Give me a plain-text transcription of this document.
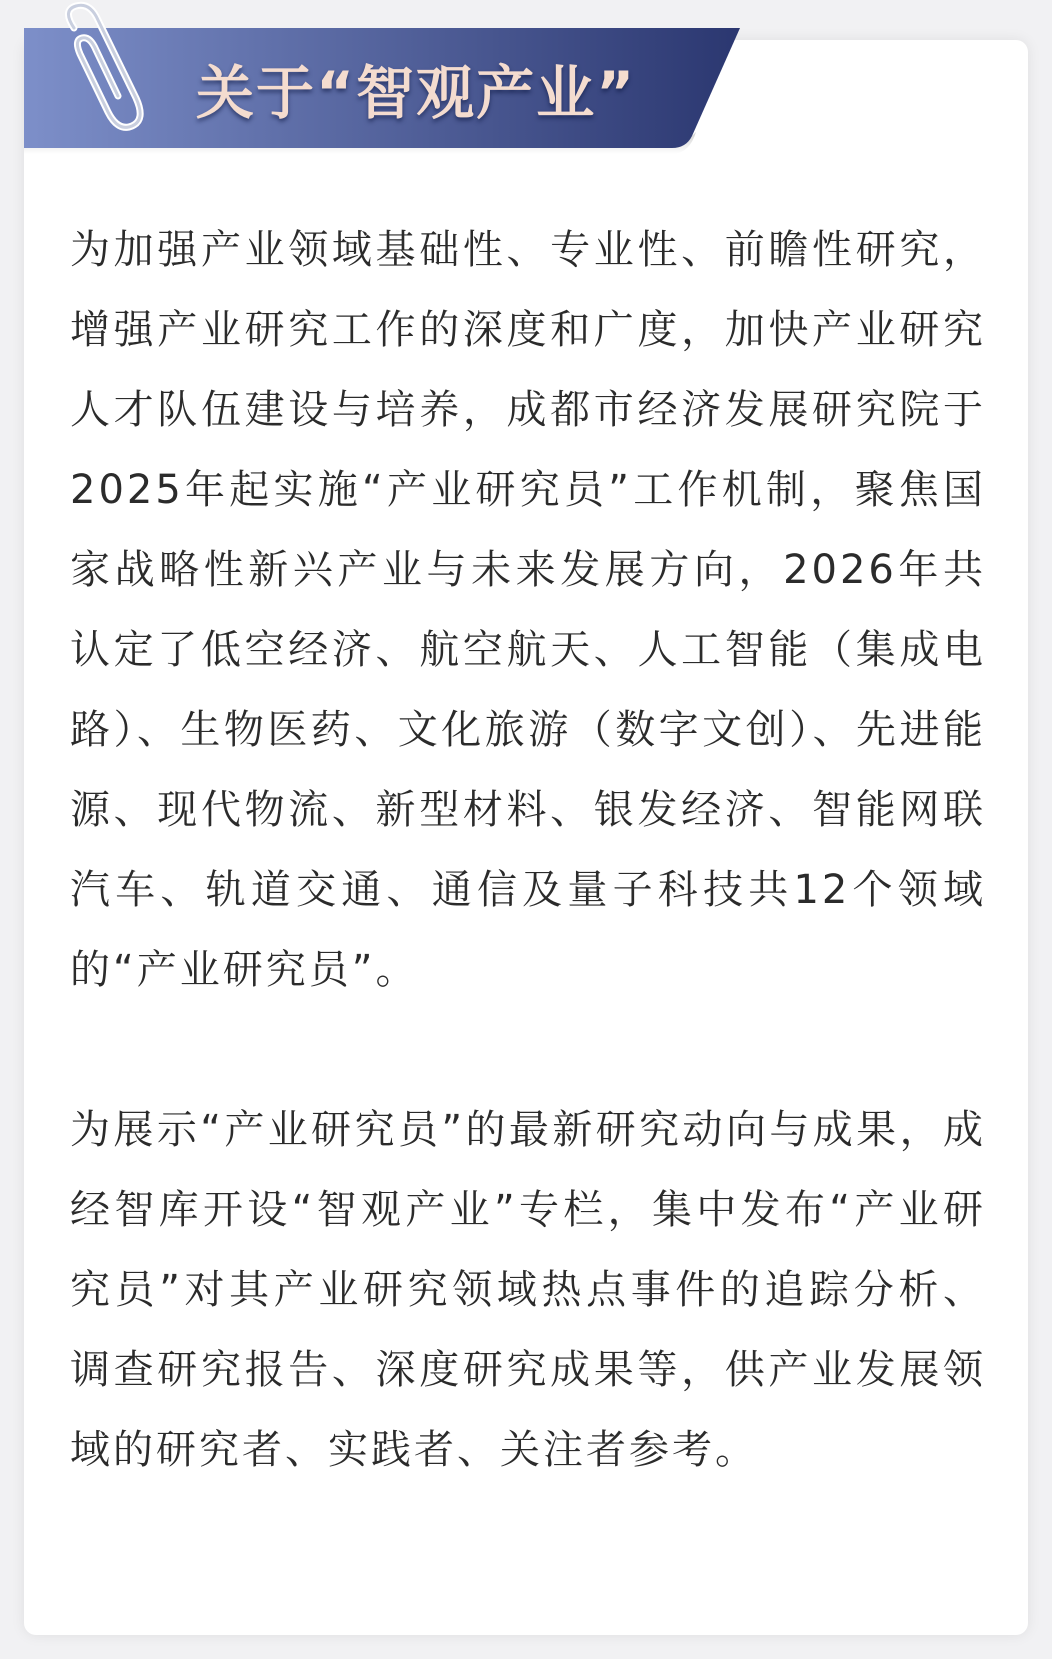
关于“智观产业”

为加强产业领域基础性、专业性、前瞻性研究，增强产业研究工作的深度和广度，加快产业研究人才队伍建设与培养，成都市经济发展研究院于2025年起实施“产业研究员”工作机制，聚焦国家战略性新兴产业与未来发展方向，2026年共认定了低空经济、航空航天、人工智能（集成电路）、生物医药、文化旅游（数字文创）、先进能源、现代物流、新型材料、银发经济、智能网联汽车、轨道交通、通信及量子科技共12个领域的“产业研究员”。

为展示“产业研究员”的最新研究动向与成果，成经智库开设“智观产业”专栏，集中发布“产业研究员”对其产业研究领域热点事件的追踪分析、调查研究报告、深度研究成果等，供产业发展领域的研究者、实践者、关注者参考。
